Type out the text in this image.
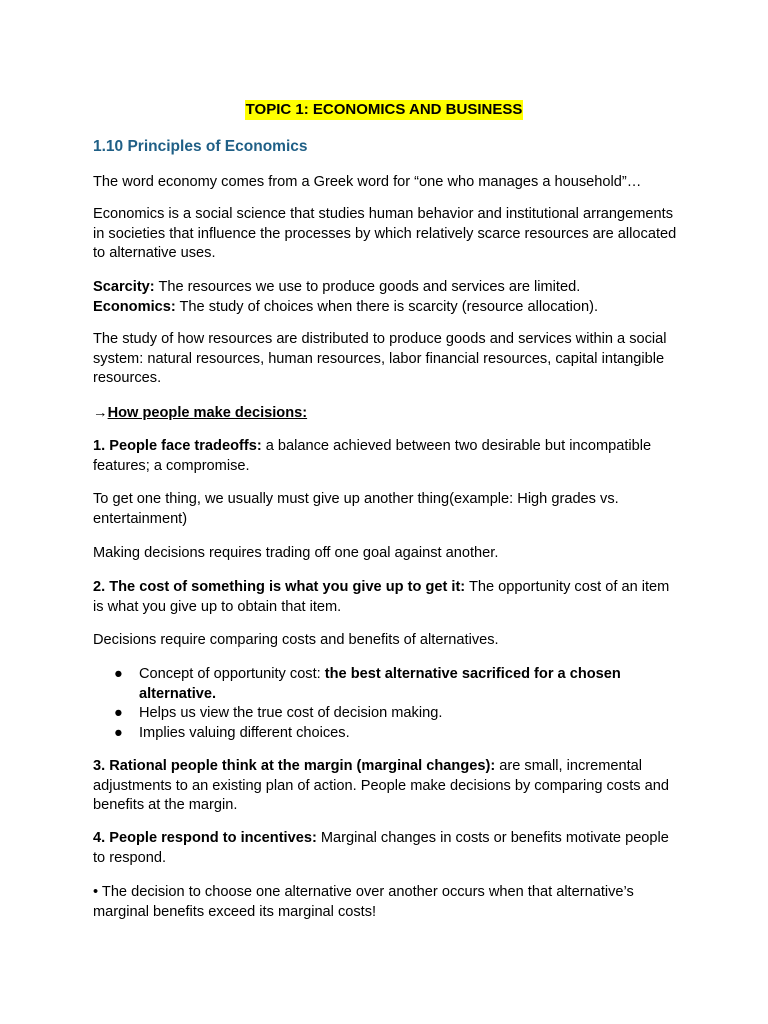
TOPIC 1: ECONOMICS AND BUSINESS

1.10 Principles of Economics

The word economy comes from a Greek word for “one who manages a household”…

Economics is a social science that studies human behavior and institutional arrangements in societies that influence the processes by which relatively scarce resources are allocated to alternative uses.

Scarcity: The resources we use to produce goods and services are limited.
Economics: The study of choices when there is scarcity (resource allocation).

The study of how resources are distributed to produce goods and services within a social system: natural resources, human resources, labor financial resources, capital intangible resources.

→How people make decisions:

1. People face tradeoffs: a balance achieved between two desirable but incompatible features; a compromise.

To get one thing, we usually must give up another thing(example: High grades vs. entertainment)

Making decisions requires trading off one goal against another.

2. The cost of something is what you give up to get it: The opportunity cost of an item is what you give up to obtain that item.

Decisions require comparing costs and benefits of alternatives.

● Concept of opportunity cost: the best alternative sacrificed for a chosen alternative.
● Helps us view the true cost of decision making.
● Implies valuing different choices.

3. Rational people think at the margin (marginal changes): are small, incremental adjustments to an existing plan of action. People make decisions by comparing costs and benefits at the margin.

4. People respond to incentives: Marginal changes in costs or benefits motivate people to respond.

• The decision to choose one alternative over another occurs when that alternative’s marginal benefits exceed its marginal costs!
